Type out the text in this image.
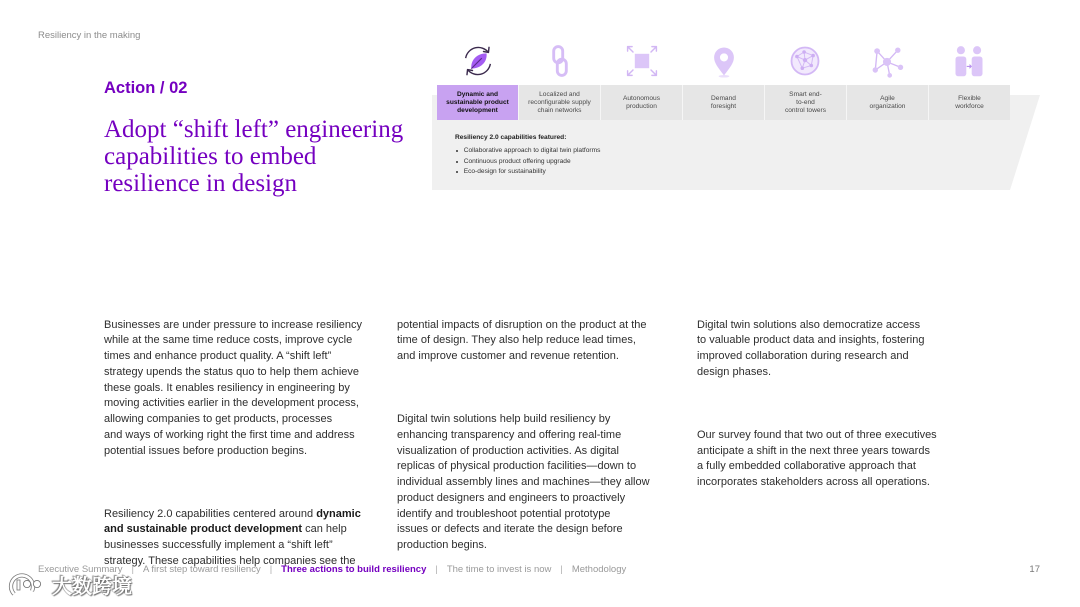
Resiliency in the making
Action / 02
Adopt “shift left” engineering
capabilities to embed
resilience in design
Dynamic and
sustainable product
development
Localized and
reconfigurable supply
chain networks
Autonomous
production
Demand
foresight
Smart end-
to-end
control towers
Agile
organization
Flexible
workforce
Resiliency 2.0 capabilities featured:
Collaborative approach to digital twin platforms
Continuous product offering upgrade
Eco-design for sustainability

Businesses are under pressure to increase resiliency
while at the same time reduce costs, improve cycle
times and enhance product quality. A “shift left”
strategy upends the status quo to help them achieve
these goals. It enables resiliency in engineering by
moving activities earlier in the development process,
allowing companies to get products, processes
and ways of working right the first time and address
potential issues before production begins.

Resiliency 2.0 capabilities centered around dynamic
and sustainable product development can help
businesses successfully implement a “shift left”
strategy. These capabilities help companies see the

potential impacts of disruption on the product at the
time of design. They also help reduce lead times,
and improve customer and revenue retention.

Digital twin solutions help build resiliency by
enhancing transparency and offering real-time
visualization of production activities. As digital
replicas of physical production facilities—down to
individual assembly lines and machines—they allow
product designers and engineers to proactively
identify and troubleshoot potential prototype
issues or defects and iterate the design before
production begins.

Digital twin solutions also democratize access
to valuable product data and insights, fostering
improved collaboration during research and
design phases.

Our survey found that two out of three executives
anticipate a shift in the next three years towards
a fully embedded collaborative approach that
incorporates stakeholders across all operations.

Executive Summary | A first step toward resiliency | Three actions to build resiliency | The time to invest is now | Methodology	17
大数跨境
